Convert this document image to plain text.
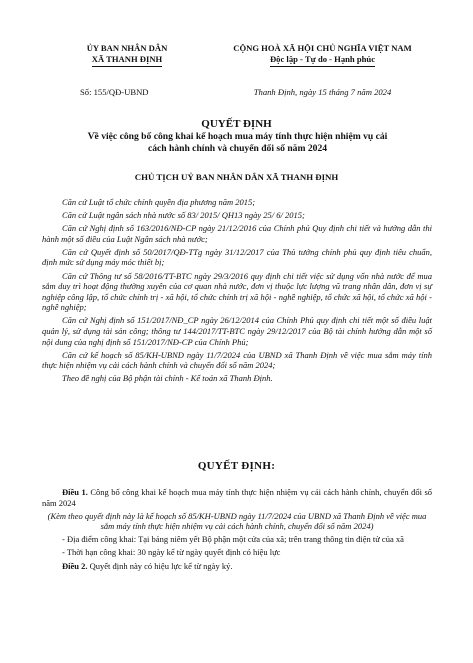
ỦY BAN NHÂN DÂN
XÃ THANH ĐỊNH
CỘNG HOÀ XÃ HỘI CHỦ NGHĨA VIỆT NAM
Độc lập - Tự do - Hạnh phúc
Số: 155/QĐ-UBND	Thanh Định, ngày 15 tháng 7 năm 2024
QUYẾT ĐỊNH
Về việc công bố công khai kế hoạch mua máy tính thực hiện nhiệm vụ cải
cách hành chính và chuyển đổi số năm 2024
CHỦ TỊCH UỶ BAN NHÂN DÂN XÃ THANH ĐỊNH

Căn cứ Luật tổ chức chính quyền địa phương năm 2015;

Căn cứ Luật ngân sách nhà nước số 83/ 2015/ QH13 ngày 25/ 6/ 2015;

Căn cứ Nghị định số 163/2016/NĐ-CP ngày 21/12/2016 của Chính phủ Quy định chi tiết và hướng dẫn thi hành một số điều của Luật Ngân sách nhà nước;

Căn cứ Quyết định số 50/2017/QĐ-TTg ngày 31/12/2017 của Thủ tướng chính phủ quy định tiêu chuẩn, định mức sử dụng máy móc thiết bị;

Căn cứ Thông tư số 58/2016/TT-BTC ngày 29/3/2016 quy định chi tiết việc sử dụng vốn nhà nước để mua sắm duy trì hoạt động thường xuyên của cơ quan nhà nước, đơn vị thuộc lực lượng vũ trang nhân dân, đơn vị sự nghiệp công lập, tổ chức chính trị - xã hội, tổ chức chính trị xã hội - nghề nghiệp, tổ chức xã hội, tổ chức xã hội - nghề nghiệp;

Căn cứ Nghị định số 151/2017/NĐ_CP ngày 26/12/2014 của Chính Phủ quy định chi tiết một số điều luật quản lý, sử dụng tài sản công; thông tư 144/2017/TT-BTC ngày 29/12/2017 của Bộ tài chính hướng dẫn một số nội dung của nghị định số 151/2017/NĐ-CP của Chính Phủ;

Căn cứ kế hoạch số 85/KH-UBND ngày 11/7/2024 của UBND xã Thanh Định về việc mua sắm máy tính thực hiện nhiệm vụ cải cách hành chính và chuyển đổi số năm 2024;

Theo đề nghị của Bộ phận tài chính - Kế toán xã Thanh Định.

QUYẾT ĐỊNH:

Điều 1. Công bố công khai kế hoạch mua máy tính thực hiện nhiệm vụ cải cách hành chính, chuyển đổi số năm 2024

(Kèm theo quyết định này là kế hoạch số 85/KH-UBND ngày 11/7/2024 của UBND xã Thanh Định về việc mua sắm máy tính thực hiện nhiệm vụ cải cách hành chính, chuyển đổi số năm 2024)

- Địa điểm công khai: Tại bảng niêm yết Bộ phận một cửa của xã; trên trang thông tin điện tử của xã

- Thời hạn công khai: 30 ngày kể từ ngày quyết định có hiệu lực

Điều 2. Quyết định này có hiệu lực kể từ ngày ký.
